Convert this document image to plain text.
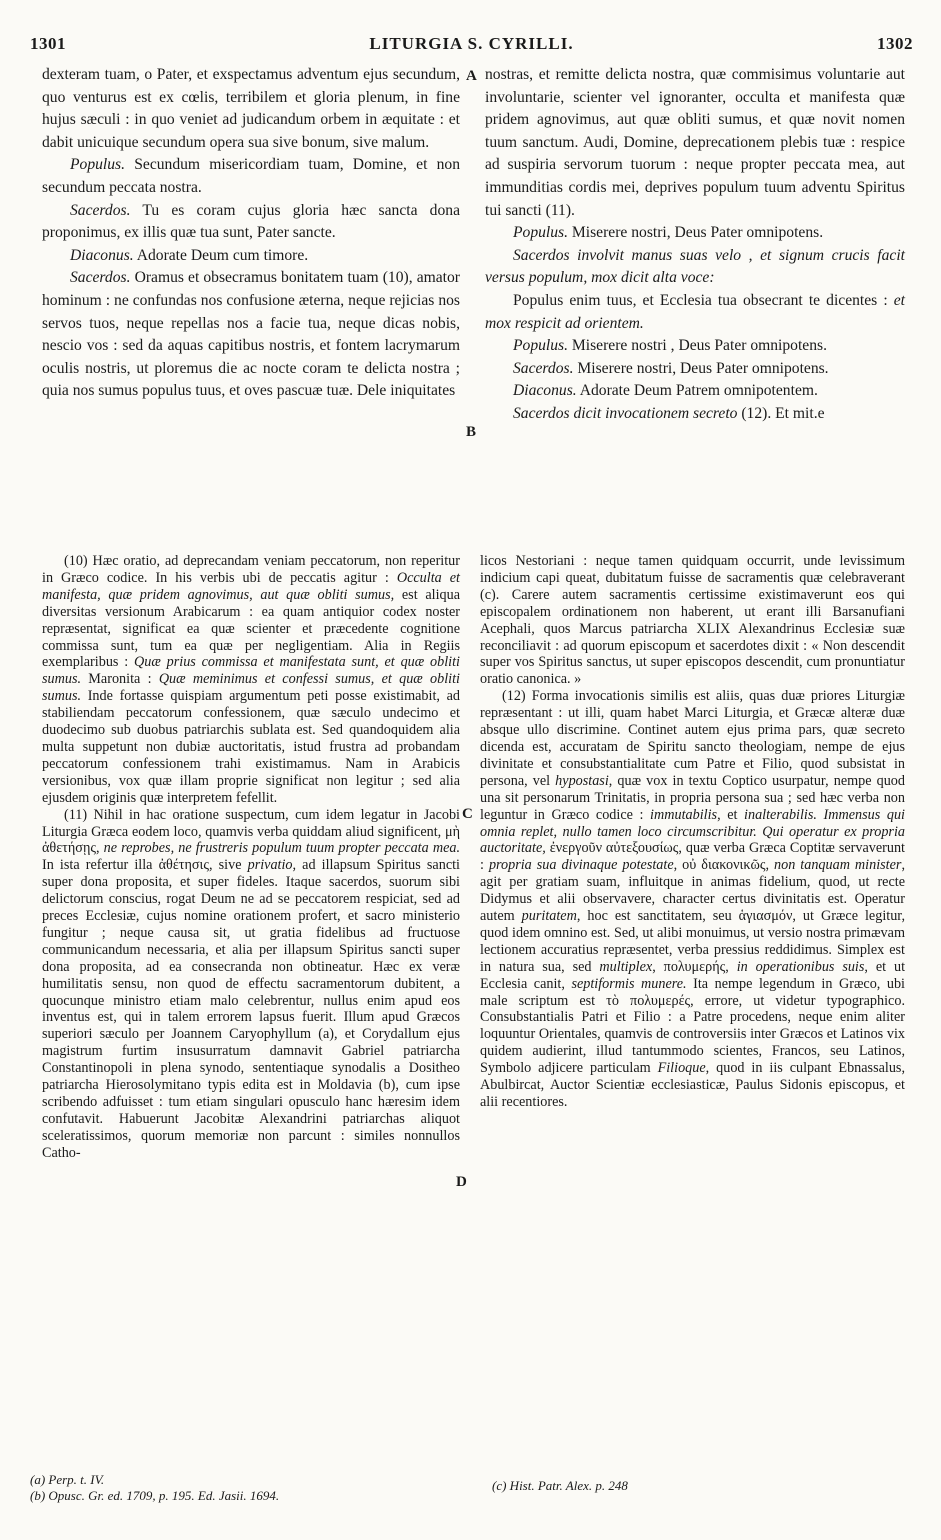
1301	LITURGIA S. CYRILLI.	1302
A
B
C
D

dexteram tuam, o Pater, et exspectamus adventum ejus secundum, quo venturus est ex cœlis, terribilem et gloria plenum, in fine hujus sæculi : in quo veniet ad judicandum orbem in æquitate : et dabit unicuique secundum opera sua sive bonum, sive malum.

Populus. Secundum misericordiam tuam, Domine, et non secundum peccata nostra.

Sacerdos. Tu es coram cujus gloria hæc sancta dona proponimus, ex illis quæ tua sunt, Pater sancte.

Diaconus. Adorate Deum cum timore.

Sacerdos. Oramus et obsecramus bonitatem tuam (10), amator hominum : ne confundas nos confusione æterna, neque rejicias nos servos tuos, neque repellas nos a facie tua, neque dicas nobis, nescio vos : sed da aquas capitibus nostris, et fontem lacrymarum oculis nostris, ut ploremus die ac nocte coram te delicta nostra ; quia nos sumus populus tuus, et oves pascuæ tuæ. Dele iniquitates

nostras, et remitte delicta nostra, quæ commisimus voluntarie aut involuntarie, scienter vel ignoranter, occulta et manifesta quæ pridem agnovimus, aut quæ obliti sumus, et quæ novit nomen tuum sanctum. Audi, Domine, deprecationem plebis tuæ : respice ad suspiria servorum tuorum : neque propter peccata mea, aut immunditias cordis mei, deprives populum tuum adventu Spiritus tui sancti (11).

Populus. Miserere nostri, Deus Pater omnipotens.

Sacerdos involvit manus suas velo , et signum crucis facit versus populum, mox dicit alta voce:

Populus enim tuus, et Ecclesia tua obsecrant te dicentes : et mox respicit ad orientem.

Populus. Miserere nostri , Deus Pater omnipotens.

Sacerdos. Miserere nostri, Deus Pater omnipotens.

Diaconus. Adorate Deum Patrem omnipotentem.

Sacerdos dicit invocationem secreto (12). Et mit.e

(10) Hæc oratio, ad deprecandam veniam peccatorum, non reperitur in Græco codice. In his verbis ubi de peccatis agitur : Occulta et manifesta, quæ pridem agnovimus, aut quæ obliti sumus, est aliqua diversitas versionum Arabicarum : ea quam antiquior codex noster repræsentat, significat ea quæ scienter et præcedente cognitione commissa sunt, tum ea quæ per negligentiam. Alia in Regiis exemplaribus : Quæ prius commissa et manifestata sunt, et quæ obliti sumus. Maronita : Quæ meminimus et confessi sumus, et quæ obliti sumus. Inde fortasse quispiam argumentum peti posse existimabit, ad stabiliendam peccatorum confessionem, quæ sæculo undecimo et duodecimo sub duobus patriarchis sublata est. Sed quandoquidem alia multa suppetunt non dubiæ auctoritatis, istud frustra ad probandam peccatorum confessionem trahi existimamus. Nam in Arabicis versionibus, vox quæ illam proprie significat non legitur ; sed alia ejusdem originis quæ interpretem fefellit.

(11) Nihil in hac oratione suspectum, cum idem legatur in Jacobi Liturgia Græca eodem loco, quamvis verba quiddam aliud significent, μὴ ἀθετήσῃς, ne reprobes, ne frustreris populum tuum propter peccata mea. In ista refertur illa ἀθέτησις, sive privatio, ad illapsum Spiritus sancti super dona proposita, et super fideles. Itaque sacerdos, suorum sibi delictorum conscius, rogat Deum ne ad se peccatorem respiciat, sed ad preces Ecclesiæ, cujus nomine orationem profert, et sacro ministerio fungitur ; neque causa sit, ut gratia fidelibus ad fructuose communicandum necessaria, et alia per illapsum Spiritus sancti super dona proposita, ad ea consecranda non obtineatur. Hæc ex veræ humilitatis sensu, non quod de effectu sacramentorum dubitent, a quocunque ministro etiam malo celebrentur, nullus enim apud eos inventus est, qui in talem errorem lapsus fuerit. Illum apud Græcos superiori sæculo per Joannem Caryophyllum (a), et Corydallum ejus magistrum furtim insusurratum damnavit Gabriel patriarcha Constantinopoli in plena synodo, sententiaque synodalis a Dositheo patriarcha Hierosolymitano typis edita est in Moldavia (b), cum ipse scribendo adfuisset : tum etiam singulari opusculo hanc hæresim idem confutavit. Habuerunt Jacobitæ Alexandrini patriarchas aliquot sceleratissimos, quorum memoriæ non parcunt : similes nonnullos Catho-

licos Nestoriani : neque tamen quidquam occurrit, unde levissimum indicium capi queat, dubitatum fuisse de sacramentis quæ celebraverant (c). Carere autem sacramentis certissime existimaverunt eos qui episcopalem ordinationem non haberent, ut erant illi Barsanufiani Acephali, quos Marcus patriarcha XLIX Alexandrinus Ecclesiæ suæ reconciliavit : ad quorum episcopum et sacerdotes dixit : « Non descendit super vos Spiritus sanctus, ut super episcopos descendit, cum pronuntiatur oratio canonica. »

(12) Forma invocationis similis est aliis, quas duæ priores Liturgiæ repræsentant : ut illi, quam habet Marci Liturgia, et Græcæ alteræ duæ absque ullo discrimine. Continet autem ejus prima pars, quæ secreto dicenda est, accuratam de Spiritu sancto theologiam, nempe de ejus divinitate et consubstantialitate cum Patre et Filio, quod subsistat in persona, vel hypostasi, quæ vox in textu Coptico usurpatur, nempe quod una sit personarum Trinitatis, in propria persona sua ; sed hæc verba non leguntur in Græco codice : immutabilis, et inalterabilis. Immensus qui omnia replet, nullo tamen loco circumscribitur. Qui operatur ex propria auctoritate, ἐνεργοῦν αὐτεξουσίως, quæ verba Græca Coptitæ servaverunt : propria sua divinaque potestate, οὐ διακονικῶς, non tanquam minister, agit per gratiam suam, influitque in animas fidelium, quod, ut recte Didymus et alii observavere, character certus divinitatis est. Operatur autem puritatem, hoc est sanctitatem, seu ἁγιασμόν, ut Græce legitur, quod idem omnino est. Sed, ut alibi monuimus, ut versio nostra primævam lectionem accuratius repræsentet, verba pressius reddidimus. Simplex est in natura sua, sed multiplex, πολυμερής, in operationibus suis, et ut Ecclesia canit, septiformis munere. Ita nempe legendum in Græco, ubi male scriptum est τὸ πολυμερές, errore, ut videtur typographico. Consubstantialis Patri et Filio : a Patre procedens, neque enim aliter loquuntur Orientales, quamvis de controversiis inter Græcos et Latinos vix quidem audierint, illud tantummodo scientes, Francos, seu Latinos, Symbolo adjicere particulam Filioque, quod in iis culpant Ebnassalus, Abulbircat, Auctor Scientiæ ecclesiasticæ, Paulus Sidonis episcopus, et alii recentiores.

(a) Perp. t. IV.
(b) Opusc. Gr. ed. 1709, p. 195. Ed. Jasii. 1694.
(c) Hist. Patr. Alex. p. 248
